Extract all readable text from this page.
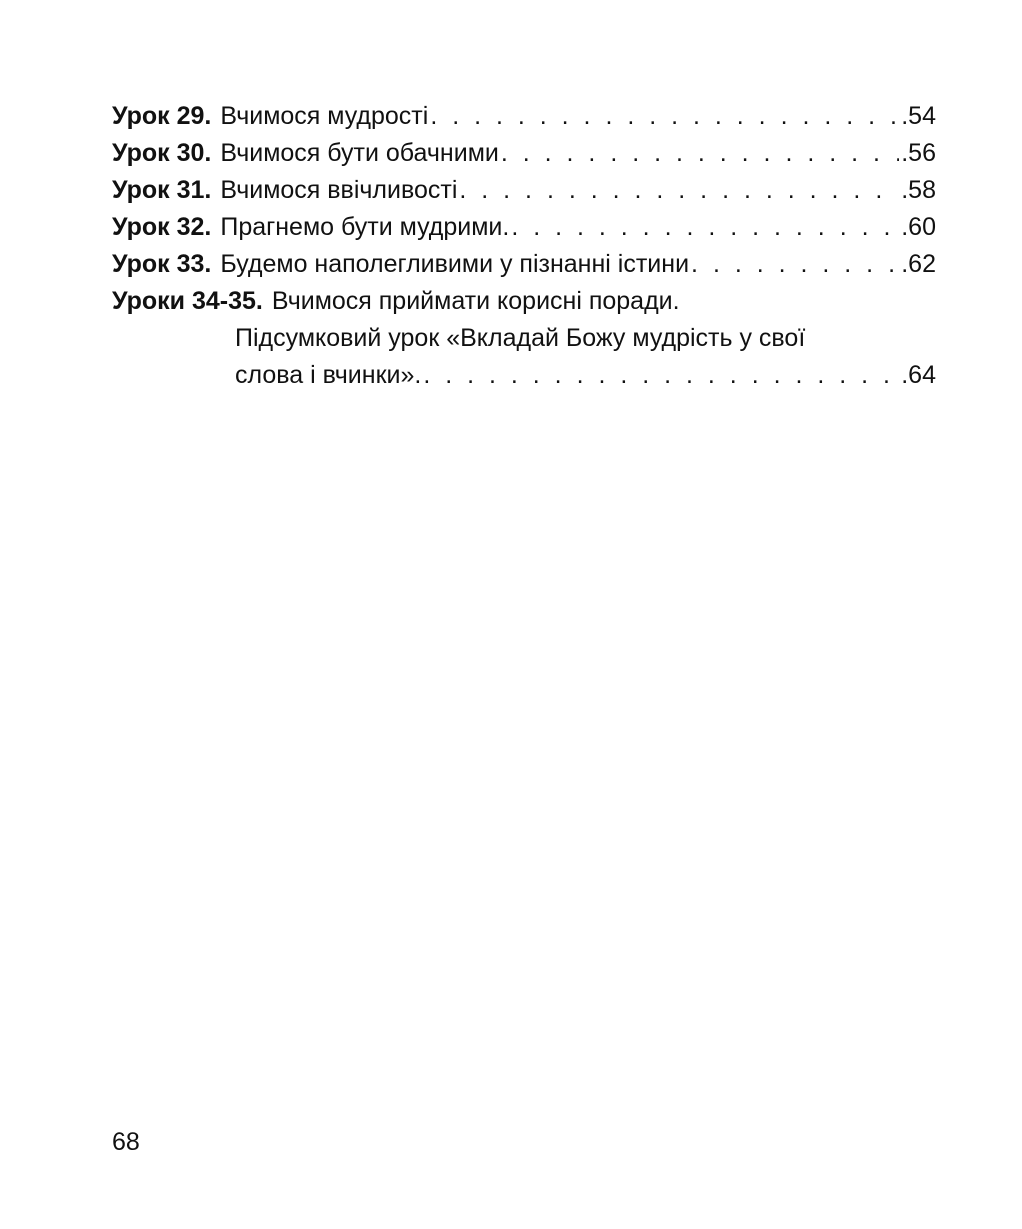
Урок 29. Вчимося мудрості . . .	.54
Урок 30. Вчимося бути обачними . . .	.56
Урок 31. Вчимося ввічливості . . .	.58
Урок 32. Прагнемо бути мудрими. . . .	.60
Урок 33. Будемо наполегливими у пізнанні істини . . .	.62
Уроки 34-35. Вчимося приймати корисні поради.
Підсумковий урок «Вкладай Божу мудрість у свої
слова і вчинки». . . .	.64
68
